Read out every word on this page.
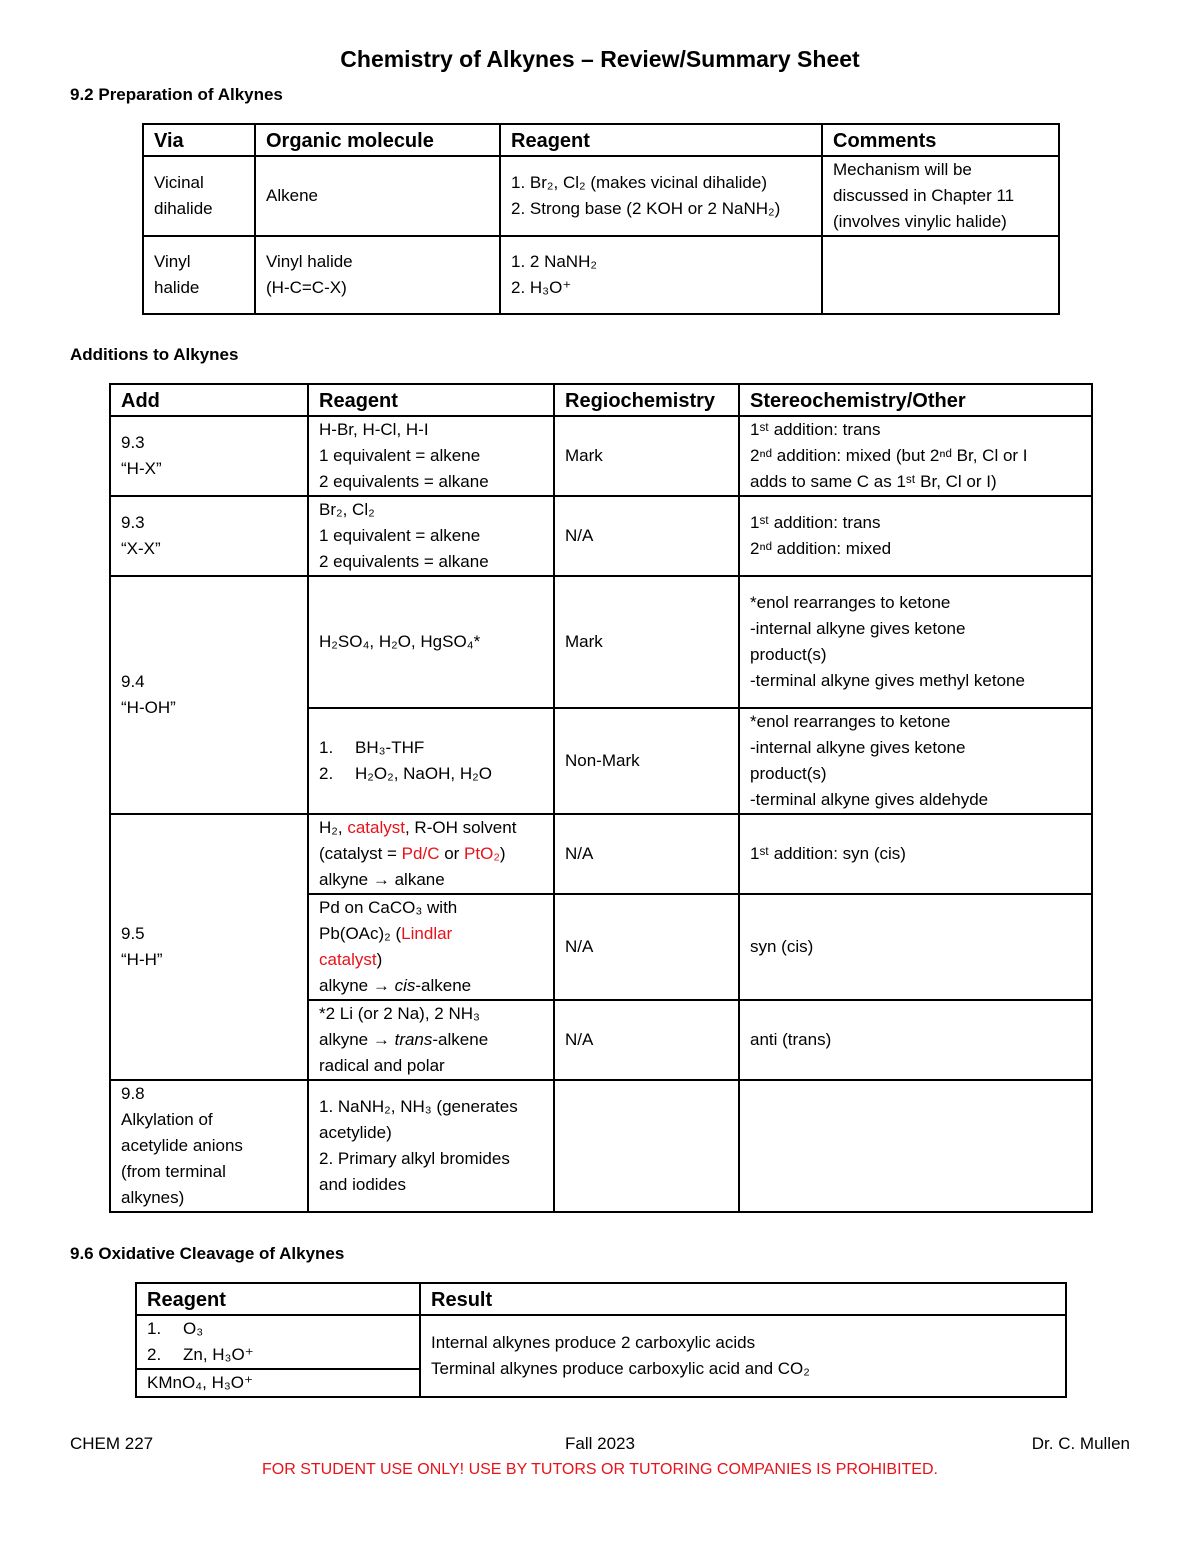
Chemistry of Alkynes – Review/Summary Sheet
9.2 Preparation of Alkynes
Via	Organic molecule	Reagent	Comments

Vicinal
dihalide	Alkene	1. Br₂, Cl₂ (makes vicinal dihalide)
2. Strong base (2 KOH or 2 NaNH₂)	Mechanism will be
discussed in Chapter 11
(involves vinylic halide)

Vinyl
halide	Vinyl halide
(H-C=C-X)	1. 2 NaNH₂
2. H₃O⁺	

Additions to Alkynes
Add	Reagent	Regiochemistry	Stereochemistry/Other

9.3
“H-X”	H-Br, H-Cl, H-I
1 equivalent = alkene
2 equivalents = alkane	Mark	1ˢᵗ addition: trans
2ⁿᵈ addition: mixed (but 2ⁿᵈ Br, Cl or I
adds to same C as 1ˢᵗ Br, Cl or I)

9.3
“X-X”	Br₂, Cl₂
1 equivalent = alkene
2 equivalents = alkane	N/A	1ˢᵗ addition: trans
2ⁿᵈ addition: mixed

9.4
“H-OH”	H₂SO₄, H₂O, HgSO₄*	Mark	*enol rearranges to ketone
-internal alkyne gives ketone
product(s)
-terminal alkyne gives methyl ketone

	1. BH₃-THF
2. H₂O₂, NaOH, H₂O	Non-Mark	*enol rearranges to ketone
-internal alkyne gives ketone
product(s)
-terminal alkyne gives aldehyde

9.5
“H-H”	H₂, catalyst, R-OH solvent
(catalyst = Pd/C or PtO₂)
alkyne → alkane	N/A	1ˢᵗ addition: syn (cis)

	Pd on CaCO₃ with
Pb(OAc)₂ (Lindlar
catalyst)
alkyne → cis-alkene	N/A	syn (cis)

	*2 Li (or 2 Na), 2 NH₃
alkyne → trans-alkene
radical and polar	N/A	anti (trans)

9.8
Alkylation of
acetylide anions
(from terminal
alkynes)	1. NaNH₂, NH₃ (generates
acetylide)
2. Primary alkyl bromides
and iodides		

9.6 Oxidative Cleavage of Alkynes
Reagent	Result

1. O₃
2. Zn, H₃O⁺	Internal alkynes produce 2 carboxylic acids
Terminal alkynes produce carboxylic acid and CO₂

KMnO₄, H₃O⁺	
CHEM 227	Fall 2023	Dr. C. Mullen
FOR STUDENT USE ONLY! USE BY TUTORS OR TUTORING COMPANIES IS PROHIBITED.
